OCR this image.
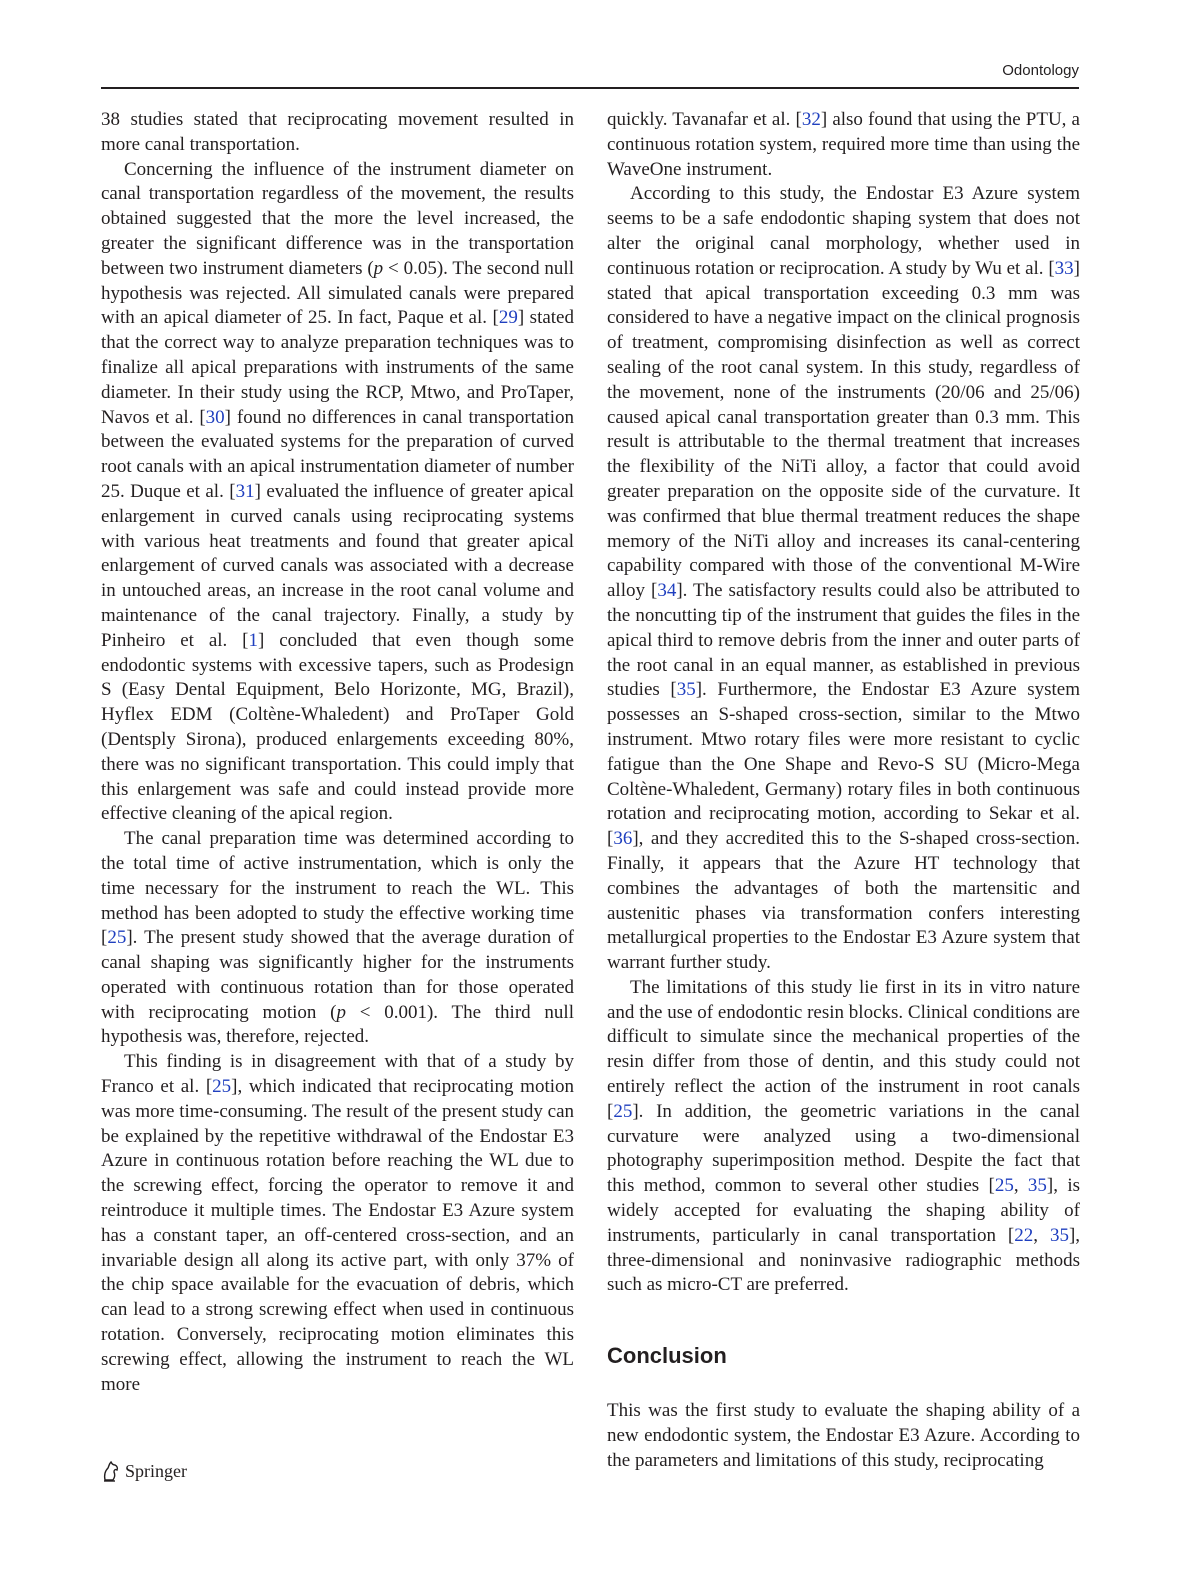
Odontology

38 studies stated that reciprocating movement resulted in more canal transportation.

Concerning the influence of the instrument diameter on canal transportation regardless of the movement, the results obtained suggested that the more the level increased, the greater the significant difference was in the transportation between two instrument diameters (p < 0.05). The second null hypothesis was rejected. All simulated canals were prepared with an apical diameter of 25. In fact, Paque et al. [29] stated that the correct way to analyze preparation techniques was to finalize all apical preparations with instruments of the same diameter. In their study using the RCP, Mtwo, and ProTaper, Navos et al. [30] found no differences in canal transportation between the evaluated systems for the preparation of curved root canals with an apical instrumentation diameter of number 25. Duque et al. [31] evaluated the influence of greater apical enlargement in curved canals using reciprocating systems with various heat treatments and found that greater apical enlargement of curved canals was associated with a decrease in untouched areas, an increase in the root canal volume and maintenance of the canal trajectory. Finally, a study by Pinheiro et al. [1] concluded that even though some endodontic systems with excessive tapers, such as Prodesign S (Easy Dental Equipment, Belo Horizonte, MG, Brazil), Hyflex EDM (Coltène-Whaledent) and ProTaper Gold (Dentsply Sirona), produced enlargements exceeding 80%, there was no significant transportation. This could imply that this enlargement was safe and could instead provide more effective cleaning of the apical region.

The canal preparation time was determined according to the total time of active instrumentation, which is only the time necessary for the instrument to reach the WL. This method has been adopted to study the effective working time [25]. The present study showed that the average duration of canal shaping was significantly higher for the instruments operated with continuous rotation than for those operated with reciprocating motion (p < 0.001). The third null hypothesis was, therefore, rejected.

This finding is in disagreement with that of a study by Franco et al. [25], which indicated that reciprocating motion was more time-consuming. The result of the present study can be explained by the repetitive withdrawal of the Endostar E3 Azure in continuous rotation before reaching the WL due to the screwing effect, forcing the operator to remove it and reintroduce it multiple times. The Endostar E3 Azure system has a constant taper, an off-centered cross-section, and an invariable design all along its active part, with only 37% of the chip space available for the evacuation of debris, which can lead to a strong screwing effect when used in continuous rotation. Conversely, reciprocating motion eliminates this screwing effect, allowing the instrument to reach the WL more

quickly. Tavanafar et al. [32] also found that using the PTU, a continuous rotation system, required more time than using the WaveOne instrument.

According to this study, the Endostar E3 Azure system seems to be a safe endodontic shaping system that does not alter the original canal morphology, whether used in continuous rotation or reciprocation. A study by Wu et al. [33] stated that apical transportation exceeding 0.3 mm was considered to have a negative impact on the clinical prognosis of treatment, compromising disinfection as well as correct sealing of the root canal system. In this study, regardless of the movement, none of the instruments (20/06 and 25/06) caused apical canal transportation greater than 0.3 mm. This result is attributable to the thermal treatment that increases the flexibility of the NiTi alloy, a factor that could avoid greater preparation on the opposite side of the curvature. It was confirmed that blue thermal treatment reduces the shape memory of the NiTi alloy and increases its canal-centering capability compared with those of the conventional M-Wire alloy [34]. The satisfactory results could also be attributed to the noncutting tip of the instrument that guides the files in the apical third to remove debris from the inner and outer parts of the root canal in an equal manner, as established in previous studies [35]. Furthermore, the Endostar E3 Azure system possesses an S-shaped cross-section, similar to the Mtwo instrument. Mtwo rotary files were more resistant to cyclic fatigue than the One Shape and Revo-S SU (Micro-Mega Coltène-Whaledent, Germany) rotary files in both continuous rotation and reciprocating motion, according to Sekar et al. [36], and they accredited this to the S-shaped cross-section. Finally, it appears that the Azure HT technology that combines the advantages of both the martensitic and austenitic phases via transformation confers interesting metallurgical properties to the Endostar E3 Azure system that warrant further study.

The limitations of this study lie first in its in vitro nature and the use of endodontic resin blocks. Clinical conditions are difficult to simulate since the mechanical properties of the resin differ from those of dentin, and this study could not entirely reflect the action of the instrument in root canals [25]. In addition, the geometric variations in the canal curvature were analyzed using a two-dimensional photography superimposition method. Despite the fact that this method, common to several other studies [25, 35], is widely accepted for evaluating the shaping ability of instruments, particularly in canal transportation [22, 35], three-dimensional and noninvasive radiographic methods such as micro-CT are preferred.

Conclusion

This was the first study to evaluate the shaping ability of a new endodontic system, the Endostar E3 Azure. According to the parameters and limitations of this study, reciprocating

Springer
